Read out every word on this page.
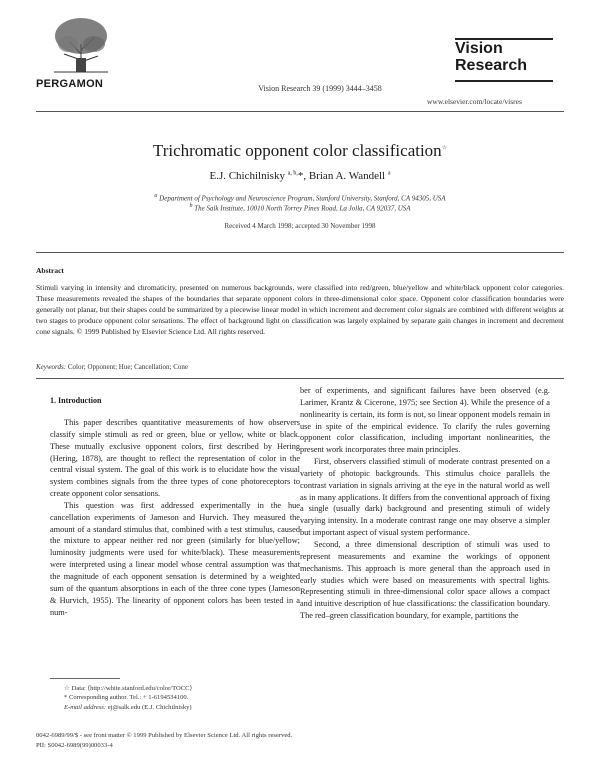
PERGAMON	Vision Research 39 (1999) 3444–3458
Vision
Research
www.elsevier.com/locate/visres
Trichromatic opponent color classification☆
E.J. Chichilnisky $^{a, b,}$*, Brian A. Wandell $^a$
$^a$ Department of Psychology and Neuroscience Program, Stanford University, Stanford, CA 94305, USA
$^b$ The Salk Institute, 10010 North Torrey Pines Road, La Jolla, CA 92037, USA
Received 4 March 1998; accepted 30 November 1998
Abstract
Stimuli varying in intensity and chromaticity, presented on numerous backgrounds, were classified into red/green, blue/yellow and white/black opponent color categories. These measurements revealed the shapes of the boundaries that separate opponent colors in three-dimensional color space. Opponent color classification boundaries were generally not planar, but their shapes could be summarized by a piecewise linear model in which increment and decrement color signals are combined with different weights at two stages to produce opponent color sensations. The effect of background light on classification was largely explained by separate gain changes in increment and decrement cone signals. © 1999 Published by Elsevier Science Ltd. All rights reserved.
Keywords: Color; Opponent; Hue; Cancellation; Cone
1. Introduction

This paper describes quantitative measurements of how observers classify simple stimuli as red or green, blue or yellow, white or black. These mutually exclusive opponent colors, first described by Hering (Hering, 1878), are thought to reflect the representation of color in the central visual system. The goal of this work is to elucidate how the visual system combines signals from the three types of cone photoreceptors to create opponent color sensations.

This question was first addressed experimentally in the hue cancellation experiments of Jameson and Hurvich. They measured the amount of a standard stimulus that, combined with a test stimulus, caused the mixture to appear neither red nor green (similarly for blue/yellow; luminosity judgments were used for white/black). These measurements were interpreted using a linear model whose central assumption was that the magnitude of each opponent sensation is determined by a weighted sum of the quantum absorptions in each of the three cone types (Jameson & Hurvich, 1955). The linearity of opponent colors has been tested in a num-

ber of experiments, and significant failures have been observed (e.g. Larimer, Krantz & Cicerone, 1975; see Section 4). While the presence of a nonlinearity is certain, its form is not, so linear opponent models remain in use in spite of the empirical evidence. To clarify the rules governing opponent color classification, including important nonlinearities, the present work incorporates three main principles.

First, observers classified stimuli of moderate contrast presented on a variety of photopic backgrounds. This stimulus choice parallels the contrast variation in signals arriving at the eye in the natural world as well as in many applications. It differs from the conventional approach of fixing a single (usually dark) background and presenting stimuli of widely varying intensity. In a moderate contrast range one may observe a simpler but important aspect of visual system performance.

Second, a three dimensional description of stimuli was used to represent measurements and examine the workings of opponent mechanisms. This approach is more general than the approach used in early studies which were based on measurements with spectral lights. Representing stimuli in three-dimensional color space allows a compact and intuitive description of hue classifications: the classification boundary. The red–green classification boundary, for example, partitions the

☆ Data: ⟨http://white.stanford.edu/color/TOCC⟩
* Corresponding author. Tel.: + 1-6194534100.
E-mail address: ej@salk.edu (E.J. Chichilnisky)
0042-6989/99/$ - see front matter © 1999 Published by Elsevier Science Ltd. All rights reserved.
PII: S0042-6989(99)00033-4
